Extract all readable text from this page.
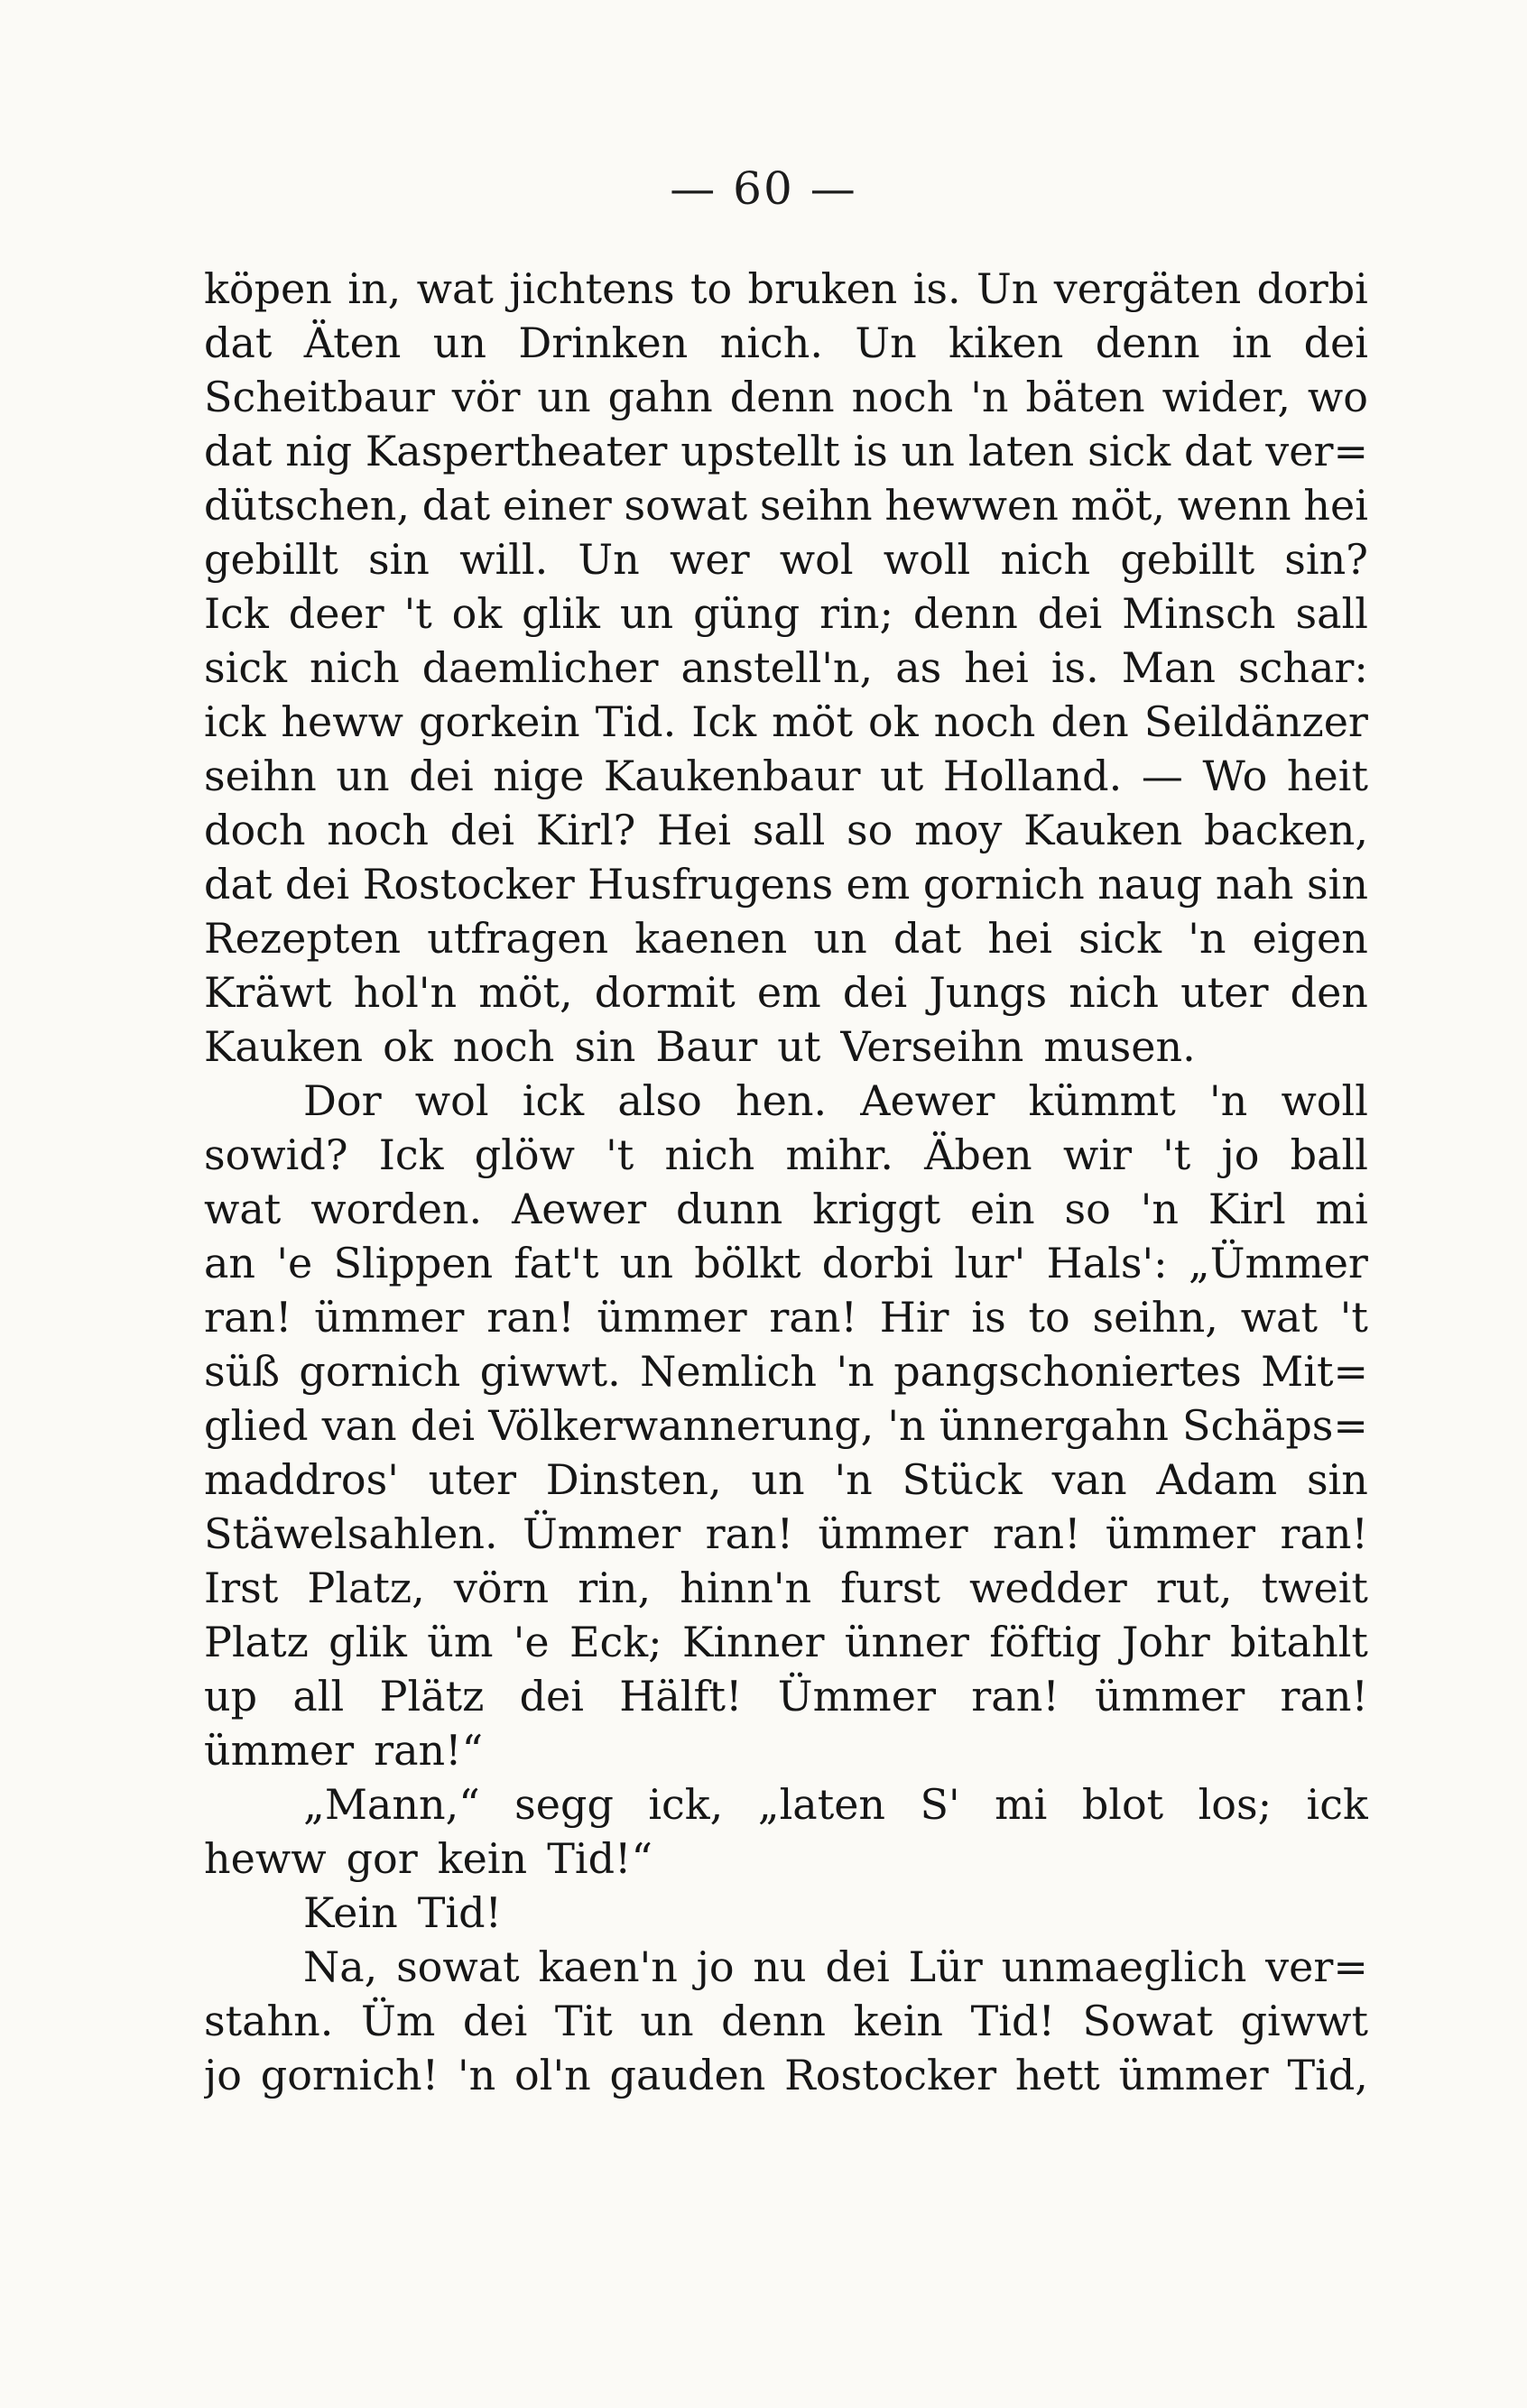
— 60 —
köpen in, wat jichtens to bruken is. Un vergäten dorbi
dat Äten un Drinken nich. Un kiken denn in dei
Scheitbaur vör un gahn denn noch 'n bäten wider, wo
dat nig Kaspertheater upstellt is un laten sick dat ver=
dütschen, dat einer sowat seihn hewwen möt, wenn hei
gebillt sin will. Un wer wol woll nich gebillt sin?
Ick deer 't ok glik un güng rin; denn dei Minsch sall
sick nich daemlicher anstell'n, as hei is. Man schar:
ick heww gorkein Tid. Ick möt ok noch den Seildänzer
seihn un dei nige Kaukenbaur ut Holland. — Wo heit
doch noch dei Kirl? Hei sall so moy Kauken backen,
dat dei Rostocker Husfrugens em gornich naug nah sin
Rezepten utfragen kaenen un dat hei sick 'n eigen
Kräwt hol'n möt, dormit em dei Jungs nich uter den
Kauken ok noch sin Baur ut Verseihn musen.
Dor wol ick also hen. Aewer kümmt 'n woll
sowid? Ick glöw 't nich mihr. Äben wir 't jo ball
wat worden. Aewer dunn kriggt ein so 'n Kirl mi
an 'e Slippen fat't un bölkt dorbi lur' Hals': „Ümmer
ran! ümmer ran! ümmer ran! Hir is to seihn, wat 't
süß gornich giwwt. Nemlich 'n pangschoniertes Mit=
glied van dei Völkerwannerung, 'n ünnergahn Schäps=
maddros' uter Dinsten, un 'n Stück van Adam sin
Stäwelsahlen. Ümmer ran! ümmer ran! ümmer ran!
Irst Platz, vörn rin, hinn'n furst wedder rut, tweit
Platz glik üm 'e Eck; Kinner ünner föftig Johr bitahlt
up all Plätz dei Hälft! Ümmer ran! ümmer ran!
ümmer ran!“
„Mann,“ segg ick, „laten S' mi blot los; ick
heww gor kein Tid!“
Kein Tid!
Na, sowat kaen'n jo nu dei Lür unmaeglich ver=
stahn. Üm dei Tit un denn kein Tid! Sowat giwwt
jo gornich! 'n ol'n gauden Rostocker hett ümmer Tid,
